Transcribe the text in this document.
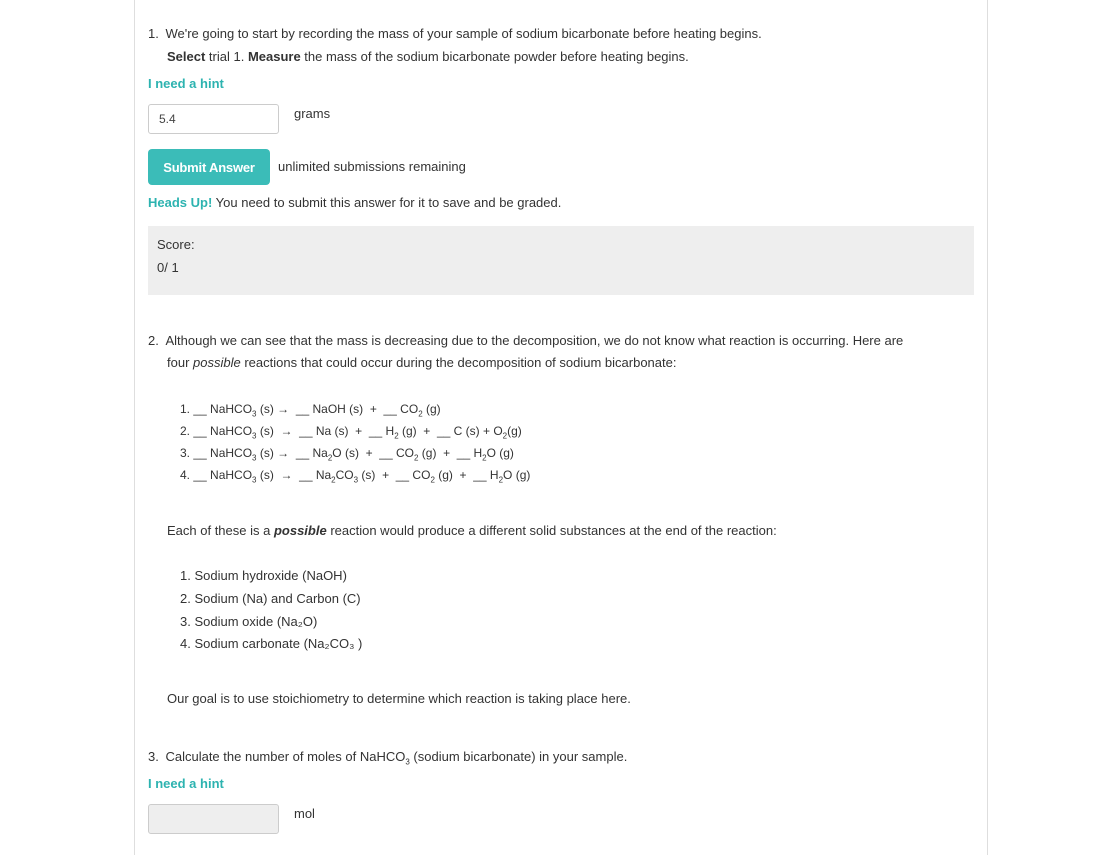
1. We're going to start by recording the mass of your sample of sodium bicarbonate before heating begins.
Select trial 1. Measure the mass of the sodium bicarbonate powder before heating begins.
I need a hint
5.4	grams
Submit Answer	unlimited submissions remaining
Heads Up! You need to submit this answer for it to save and be graded.
Score:
0/ 1
2. Although we can see that the mass is decreasing due to the decomposition, we do not know what reaction is occurring. Here are
four possible reactions that could occur during the decomposition of sodium bicarbonate:
1. __ NaHCO$_3$ (s) →  __ NaOH (s)  +  __ $CO_2$ (g)
2. __ NaHCO$_3$ (s)  →  __ Na (s)  +  __ $H_2$ (g)  +  __ C $(s) + O_2(g)$
3. __ NaHCO$_3$ (s) →  __ $Na_2O$ (s)  +  __ $CO_2$ (g)  +  __ $H_2O$ (g)
4. __ NaHCO$_3$ (s)  →  __ $Na_2CO_3$ (s)  +  __ $CO_2$ (g)  +  __ $H_2O$ (g)
Each of these is a possible reaction would produce a different solid substances at the end of the reaction:
1. Sodium hydroxide (NaOH)
2. Sodium (Na) and Carbon (C)
3. Sodium oxide (Na₂O)
4. Sodium carbonate (Na₂CO₃ )
Our goal is to use stoichiometry to determine which reaction is taking place here.
3. Calculate the number of moles of NaHCO$_3$ (sodium bicarbonate) in your sample.
I need a hint
mol
